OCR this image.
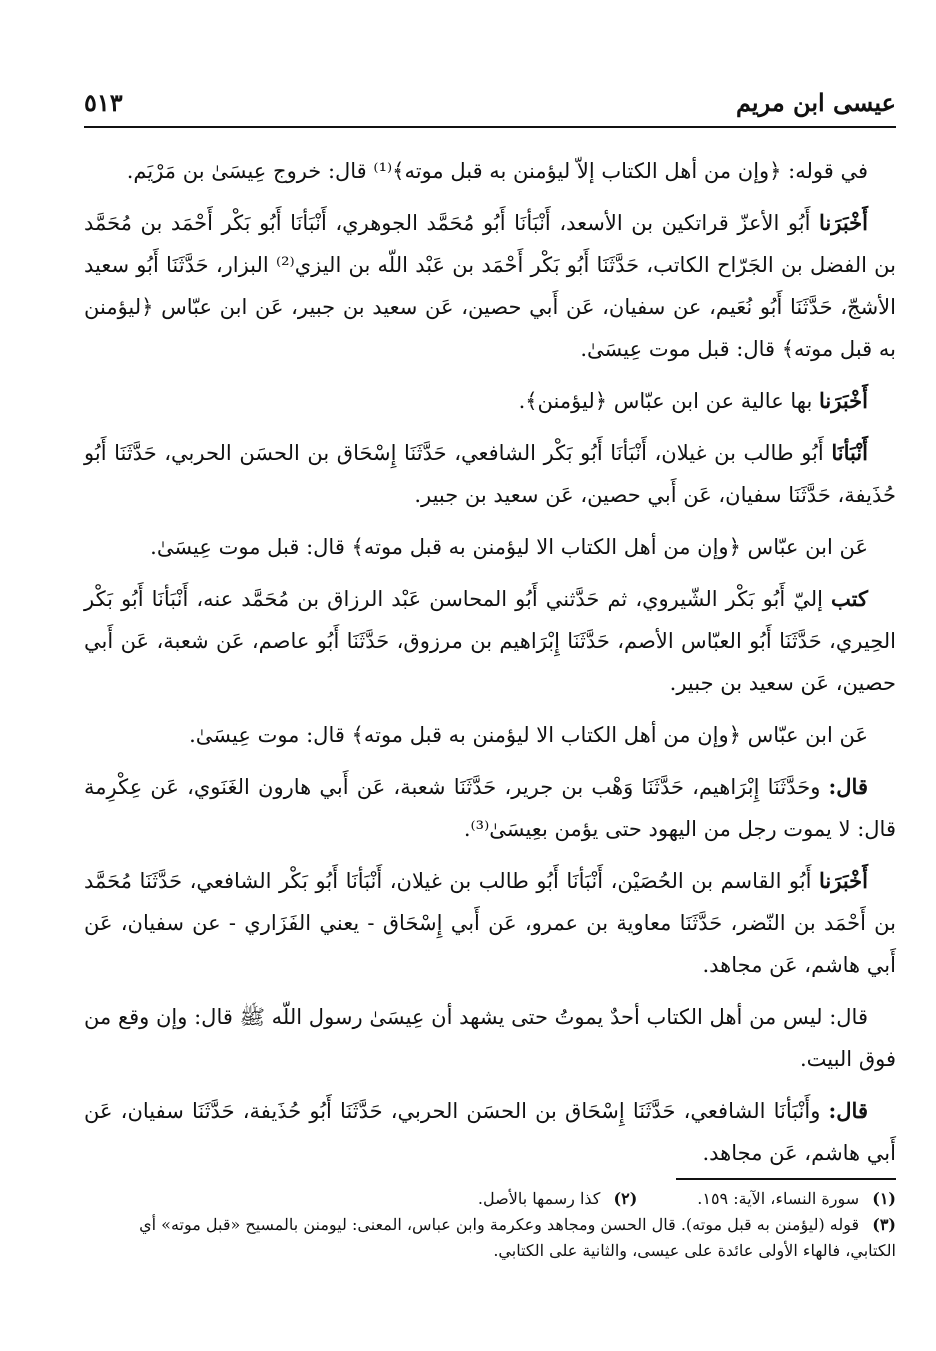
عيسى ابن مريم
٥١٣

في قوله: ﴿وإن من أهل الكتاب إلاّ ليؤمنن به قبل موته﴾⁽¹⁾ قال: خروج عِيسَىٰ بن مَرْيَم.

أَخْبَرَنا أَبُو الأعزّ قراتكين بن الأسعد، أَنْبَأنَا أَبُو مُحَمَّد الجوهري، أَنْبَأنَا أَبُو بَكْر أَحْمَد بن مُحَمَّد بن الفضل بن الجَرّاح الكاتب، حَدَّثَنَا أَبُو بَكْر أَحْمَد بن عَبْد اللّه بن اليزي⁽²⁾ البزار، حَدَّثَنَا أَبُو سعيد الأشجّ، حَدَّثَنَا أَبُو نُعَيم، عن سفيان، عَن أَبي حصين، عَن سعيد بن جبير، عَن ابن عبّاس ﴿ليؤمنن به قبل موته﴾ قال: قبل موت عِيسَىٰ.

أَخْبَرَنا بها عالية عن ابن عبّاس ﴿ليؤمنن﴾.

أَنْبَأنَا أَبُو طالب بن غيلان، أَنْبَأنَا أَبُو بَكْر الشافعي، حَدَّثَنَا إِسْحَاق بن الحسَن الحربي، حَدَّثَنَا أَبُو حُذَيفة، حَدَّثَنَا سفيان، عَن أَبي حصين، عَن سعيد بن جبير.

عَن ابن عبّاس ﴿وإن من أهل الكتاب الا ليؤمنن به قبل موته﴾ قال: قبل موت عِيسَىٰ.

كتب إليّ أَبُو بَكْر الشّيروي، ثم حَدَّثني أَبُو المحاسن عَبْد الرزاق بن مُحَمَّد عنه، أَنْبَأنَا أَبُو بَكْر الحِيري، حَدَّثَنَا أَبُو العبّاس الأصم، حَدَّثَنَا إِبْرَاهيم بن مرزوق، حَدَّثَنَا أَبُو عاصم، عَن شعبة، عَن أَبي حصين، عَن سعيد بن جبير.

عَن ابن عبّاس ﴿وإن من أهل الكتاب الا ليؤمنن به قبل موته﴾ قال: موت عِيسَىٰ.

قال: وحَدَّثَنَا إِبْرَاهيم، حَدَّثَنَا وَهْب بن جرير، حَدَّثَنَا شعبة، عَن أَبي هارون الغَنَوي، عَن عِكْرِمة قال: لا يموت رجل من اليهود حتى يؤمن بعِيسَىٰ⁽³⁾.

أَخْبَرَنا أَبُو القاسم بن الحُصَيْن، أَنْبَأنَا أَبُو طالب بن غيلان، أَنْبَأنَا أَبُو بَكْر الشافعي، حَدَّثَنَا مُحَمَّد بن أَحْمَد بن النّضر، حَدَّثَنَا معاوية بن عمرو، عَن أَبي إِسْحَاق - يعني الفَزَاري - عن سفيان، عَن أَبي هاشم، عَن مجاهد.

قال: ليس من أهل الكتاب أحدٌ يموتُ حتى يشهد أن عِيسَىٰ رسول اللّه ﷺ قال: وإن وقع من فوق البيت.

قال: وأَنْبَأنَا الشافعي، حَدَّثَنَا إِسْحَاق بن الحسَن الحربي، حَدَّثَنَا أَبُو حُذَيفة، حَدَّثَنَا سفيان، عَن أَبي هاشم، عَن مجاهد.

(١) سورة النساء، الآية: ١٥٩.

(٢) كذا رسمها بالأصل.

(٣) قوله (ليؤمنن به قبل موته). قال الحسن ومجاهد وعكرمة وابن عباس، المعنى: ليومنن بالمسيح «قبل موته» أي الكتابي، فالهاء الأولى عائدة على عيسى، والثانية على الكتابي.
